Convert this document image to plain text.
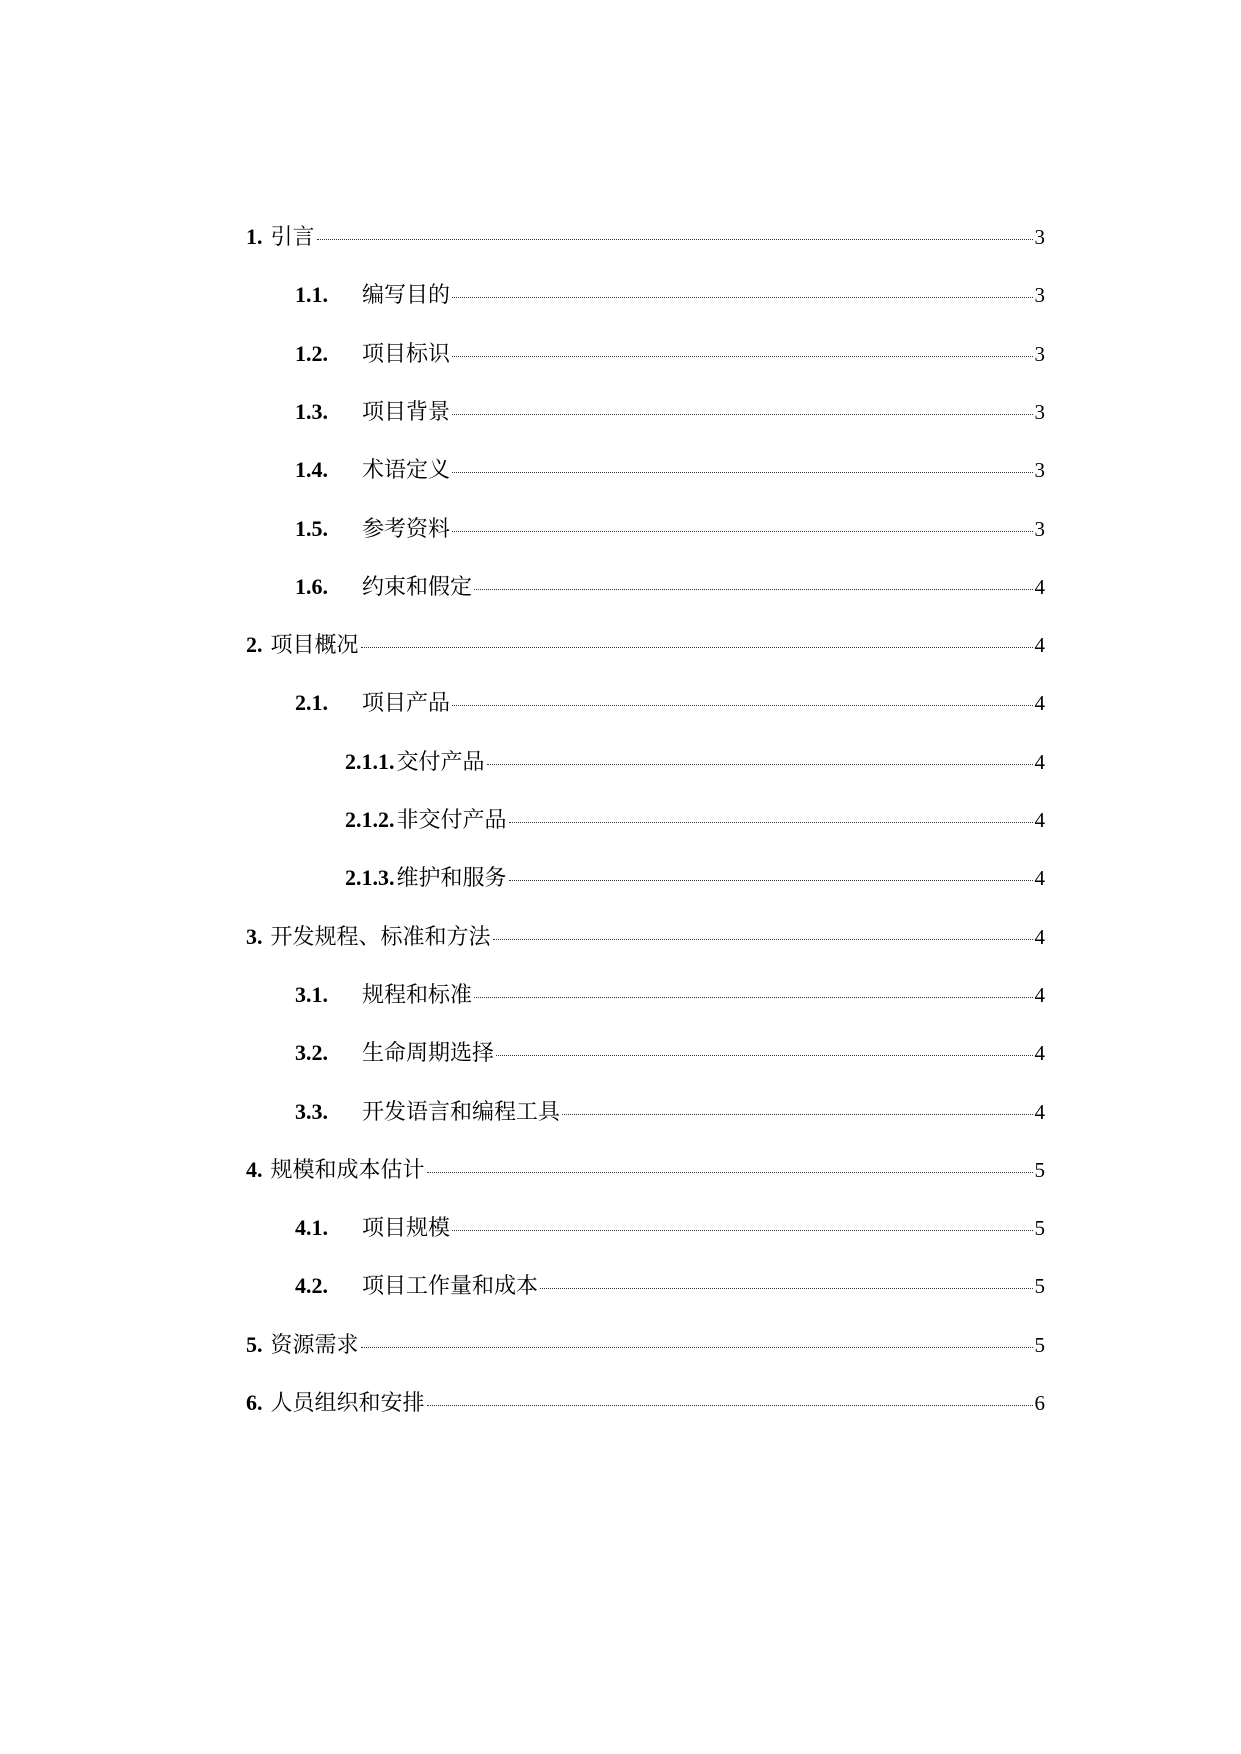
1. 引言	3
1.1.	编写目的	3
1.2.	项目标识	3
1.3.	项目背景	3
1.4.	术语定义	3
1.5.	参考资料	3
1.6.	约束和假定	4
2. 项目概况	4
2.1.	项目产品	4
2.1.1. 交付产品	4
2.1.2. 非交付产品	4
2.1.3. 维护和服务	4
3. 开发规程、标准和方法	4
3.1.	规程和标准	4
3.2.	生命周期选择	4
3.3.	开发语言和编程工具	4
4. 规模和成本估计	5
4.1.	项目规模	5
4.2.	项目工作量和成本	5
5. 资源需求	5
6. 人员组织和安排	6
